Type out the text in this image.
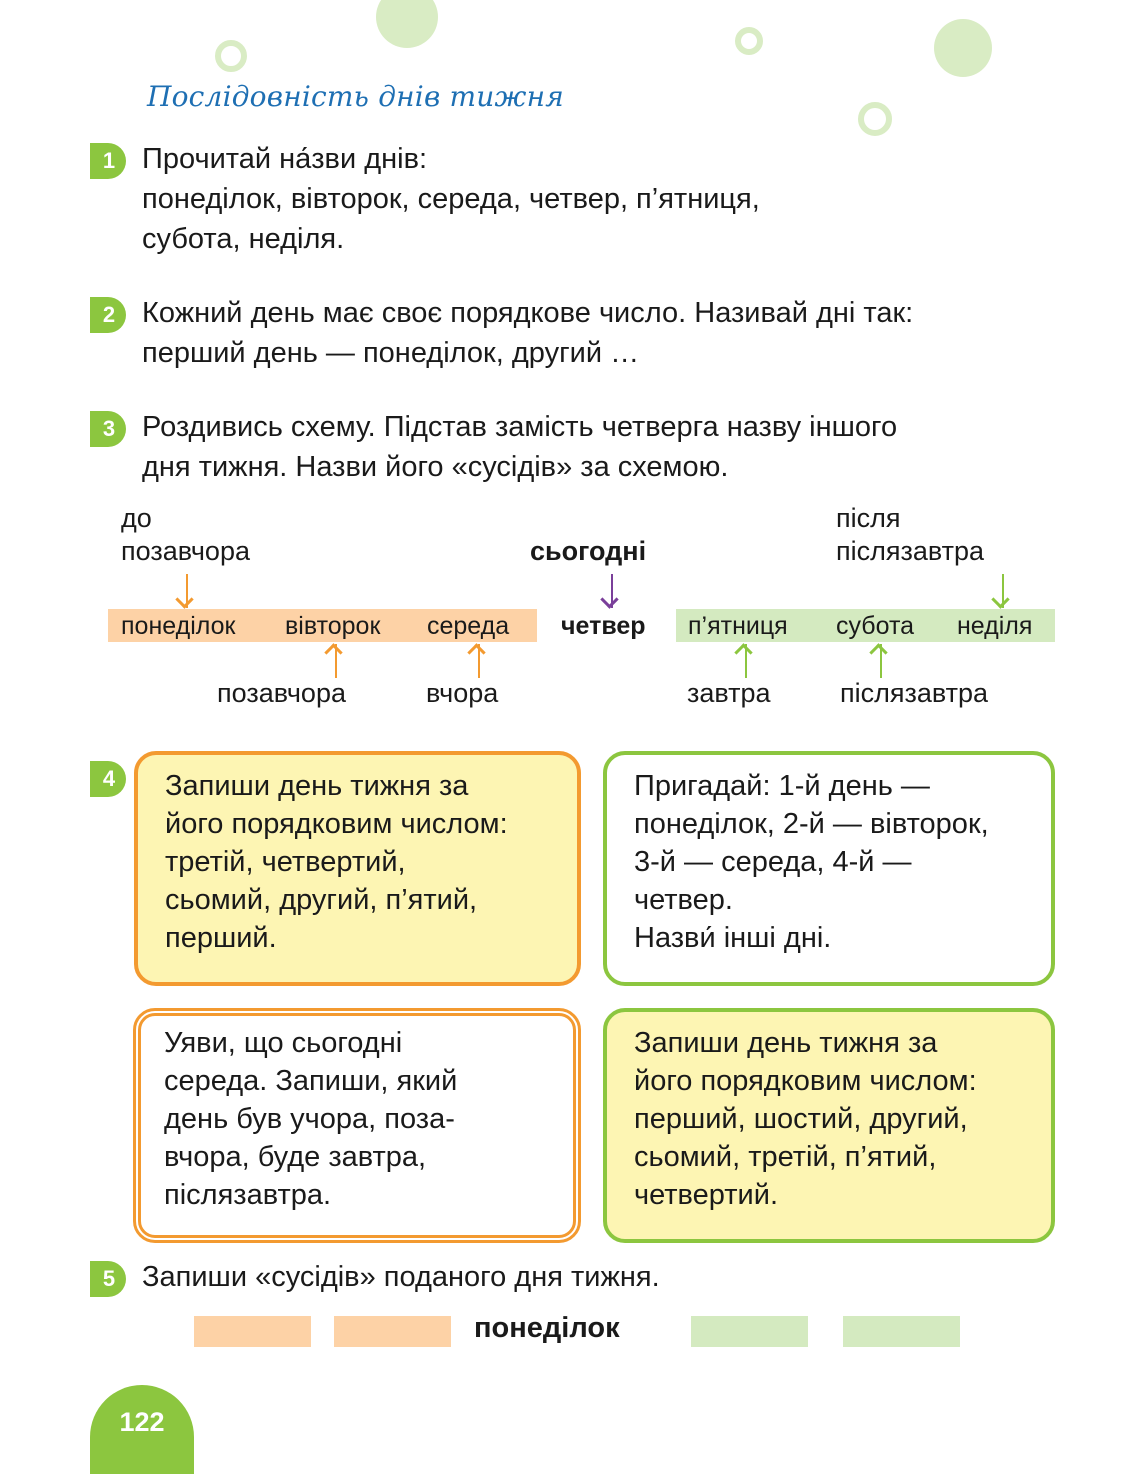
Послідовність днів тижня
1 Прочитай на́зви днів:
понеділок, вівторок, середа, четвер, п’ятниця,
субота, неділя.
2 Кожний день має своє порядкове число. Називай дні так:
перший день — понеділок, другий …
3 Роздивись схему. Підстав замість четверга назву іншого
дня тижня. Назви його «сусідів» за схемою.
до
позавчора	сьогодні
після
післязавтра
понеділок вівторок середа четвер п’ятниця субота неділя
позавчора	вчора	завтра	післязавтра
4	Запиши день тижня за
його порядковим числом:
третій, четвертий,
сьомий, другий, п’ятий,
перший.
Пригадай: 1-й день —
понеділок, 2-й — вівторок,
3-й — середа, 4-й —
четвер.
Назви́ інші дні.
Уяви, що сьогодні
середа. Запиши, який
день був учора, поза-
вчора, буде завтра,
післязавтра.
Запиши день тижня за
його порядковим числом:
перший, шостий, другий,
сьомий, третій, п’ятий,
четвертий.
5 Запиши «сусідів» поданого дня тижня.
понеділок
122
